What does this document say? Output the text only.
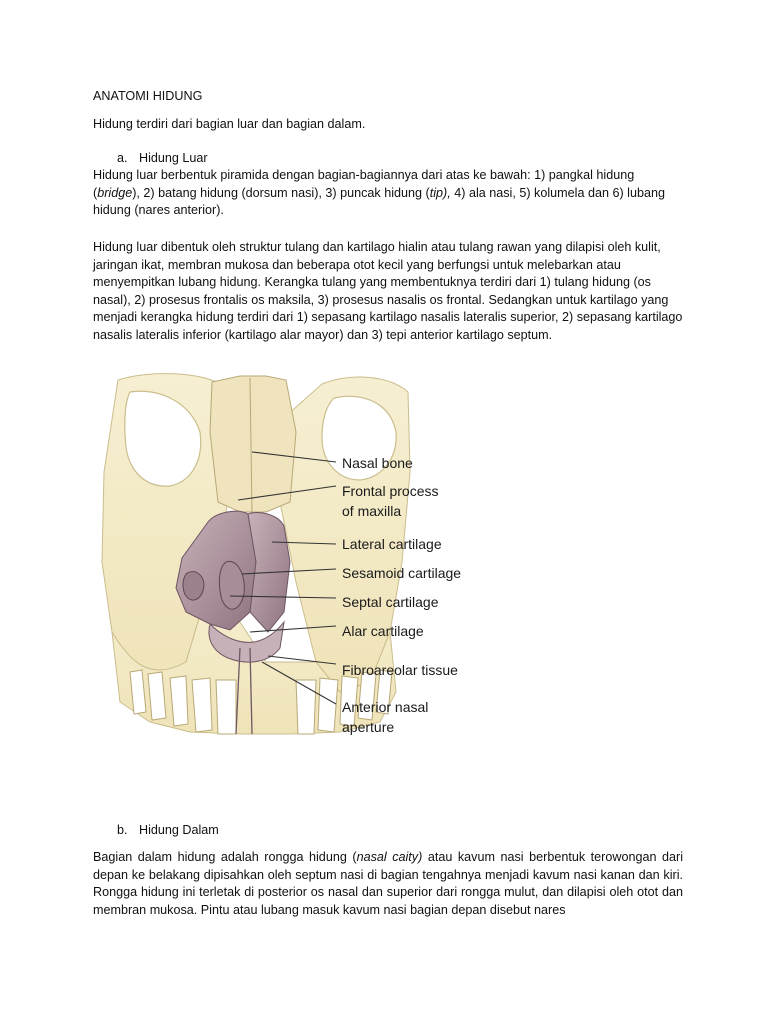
ANATOMI HIDUNG

Hidung terdiri dari bagian luar dan bagian dalam.

a. Hidung Luar

Hidung luar berbentuk piramida dengan bagian-bagiannya dari atas ke bawah: 1) pangkal hidung (bridge), 2) batang hidung (dorsum nasi), 3) puncak hidung (tip), 4) ala nasi, 5) kolumela dan 6) lubang hidung (nares anterior).

Hidung luar dibentuk oleh struktur tulang dan kartilago hialin atau tulang rawan yang dilapisi oleh kulit, jaringan ikat, membran mukosa dan beberapa otot kecil yang berfungsi untuk melebarkan atau menyempitkan lubang hidung. Kerangka tulang yang membentuknya terdiri dari 1) tulang hidung (os nasal), 2) prosesus frontalis os maksila, 3) prosesus nasalis os frontal. Sedangkan untuk kartilago yang menjadi kerangka hidung terdiri dari 1) sepasang kartilago nasalis lateralis superior, 2) sepasang kartilago nasalis lateralis inferior (kartilago alar mayor) dan 3) tepi anterior kartilago septum.

Nasal bone
Frontal process
of maxilla
Lateral cartilage
Sesamoid cartilage
Septal cartilage
Alar cartilage
Fibroareolar tissue
Anterior nasal
aperture

b. Hidung Dalam

Bagian dalam hidung adalah rongga hidung (nasal caity) atau kavum nasi berbentuk terowongan dari depan ke belakang dipisahkan oleh septum nasi di bagian tengahnya menjadi kavum nasi kanan dan kiri. Rongga hidung ini terletak di posterior os nasal dan superior dari rongga mulut, dan dilapisi oleh otot dan membran mukosa. Pintu atau lubang masuk kavum nasi bagian depan disebut nares
